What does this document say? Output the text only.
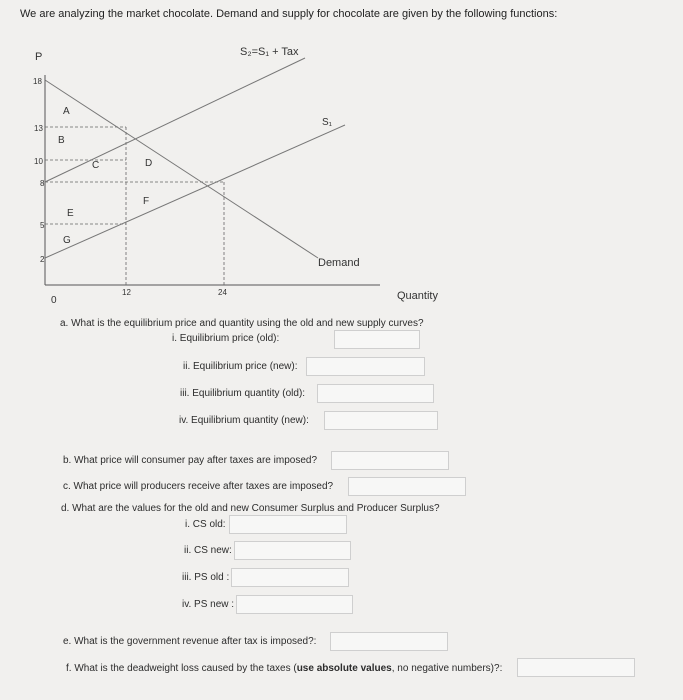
We are analyzing the market chocolate. Demand and supply for chocolate are given by the following functions:
P
18
13
10
8
5
2
12	24
0	Quantity
S₂=S₁ + Tax
S₁
Demand
A
B
C	D
E
F
G
a. What is the equilibrium price and quantity using the old and new supply curves?
i. Equilibrium price (old):
ii. Equilibrium price (new):
iii. Equilibrium quantity (old):
iv. Equilibrium quantity (new):
b. What price will consumer pay after taxes are imposed?
c. What price will producers receive after taxes are imposed?
d. What are the values for the old and new Consumer Surplus and Producer Surplus?
i. CS old:
ii. CS new:
iii. PS old :
iv. PS new :
e. What is the government revenue after tax is imposed?:
f. What is the deadweight loss caused by the taxes (use absolute values, no negative numbers)?:
